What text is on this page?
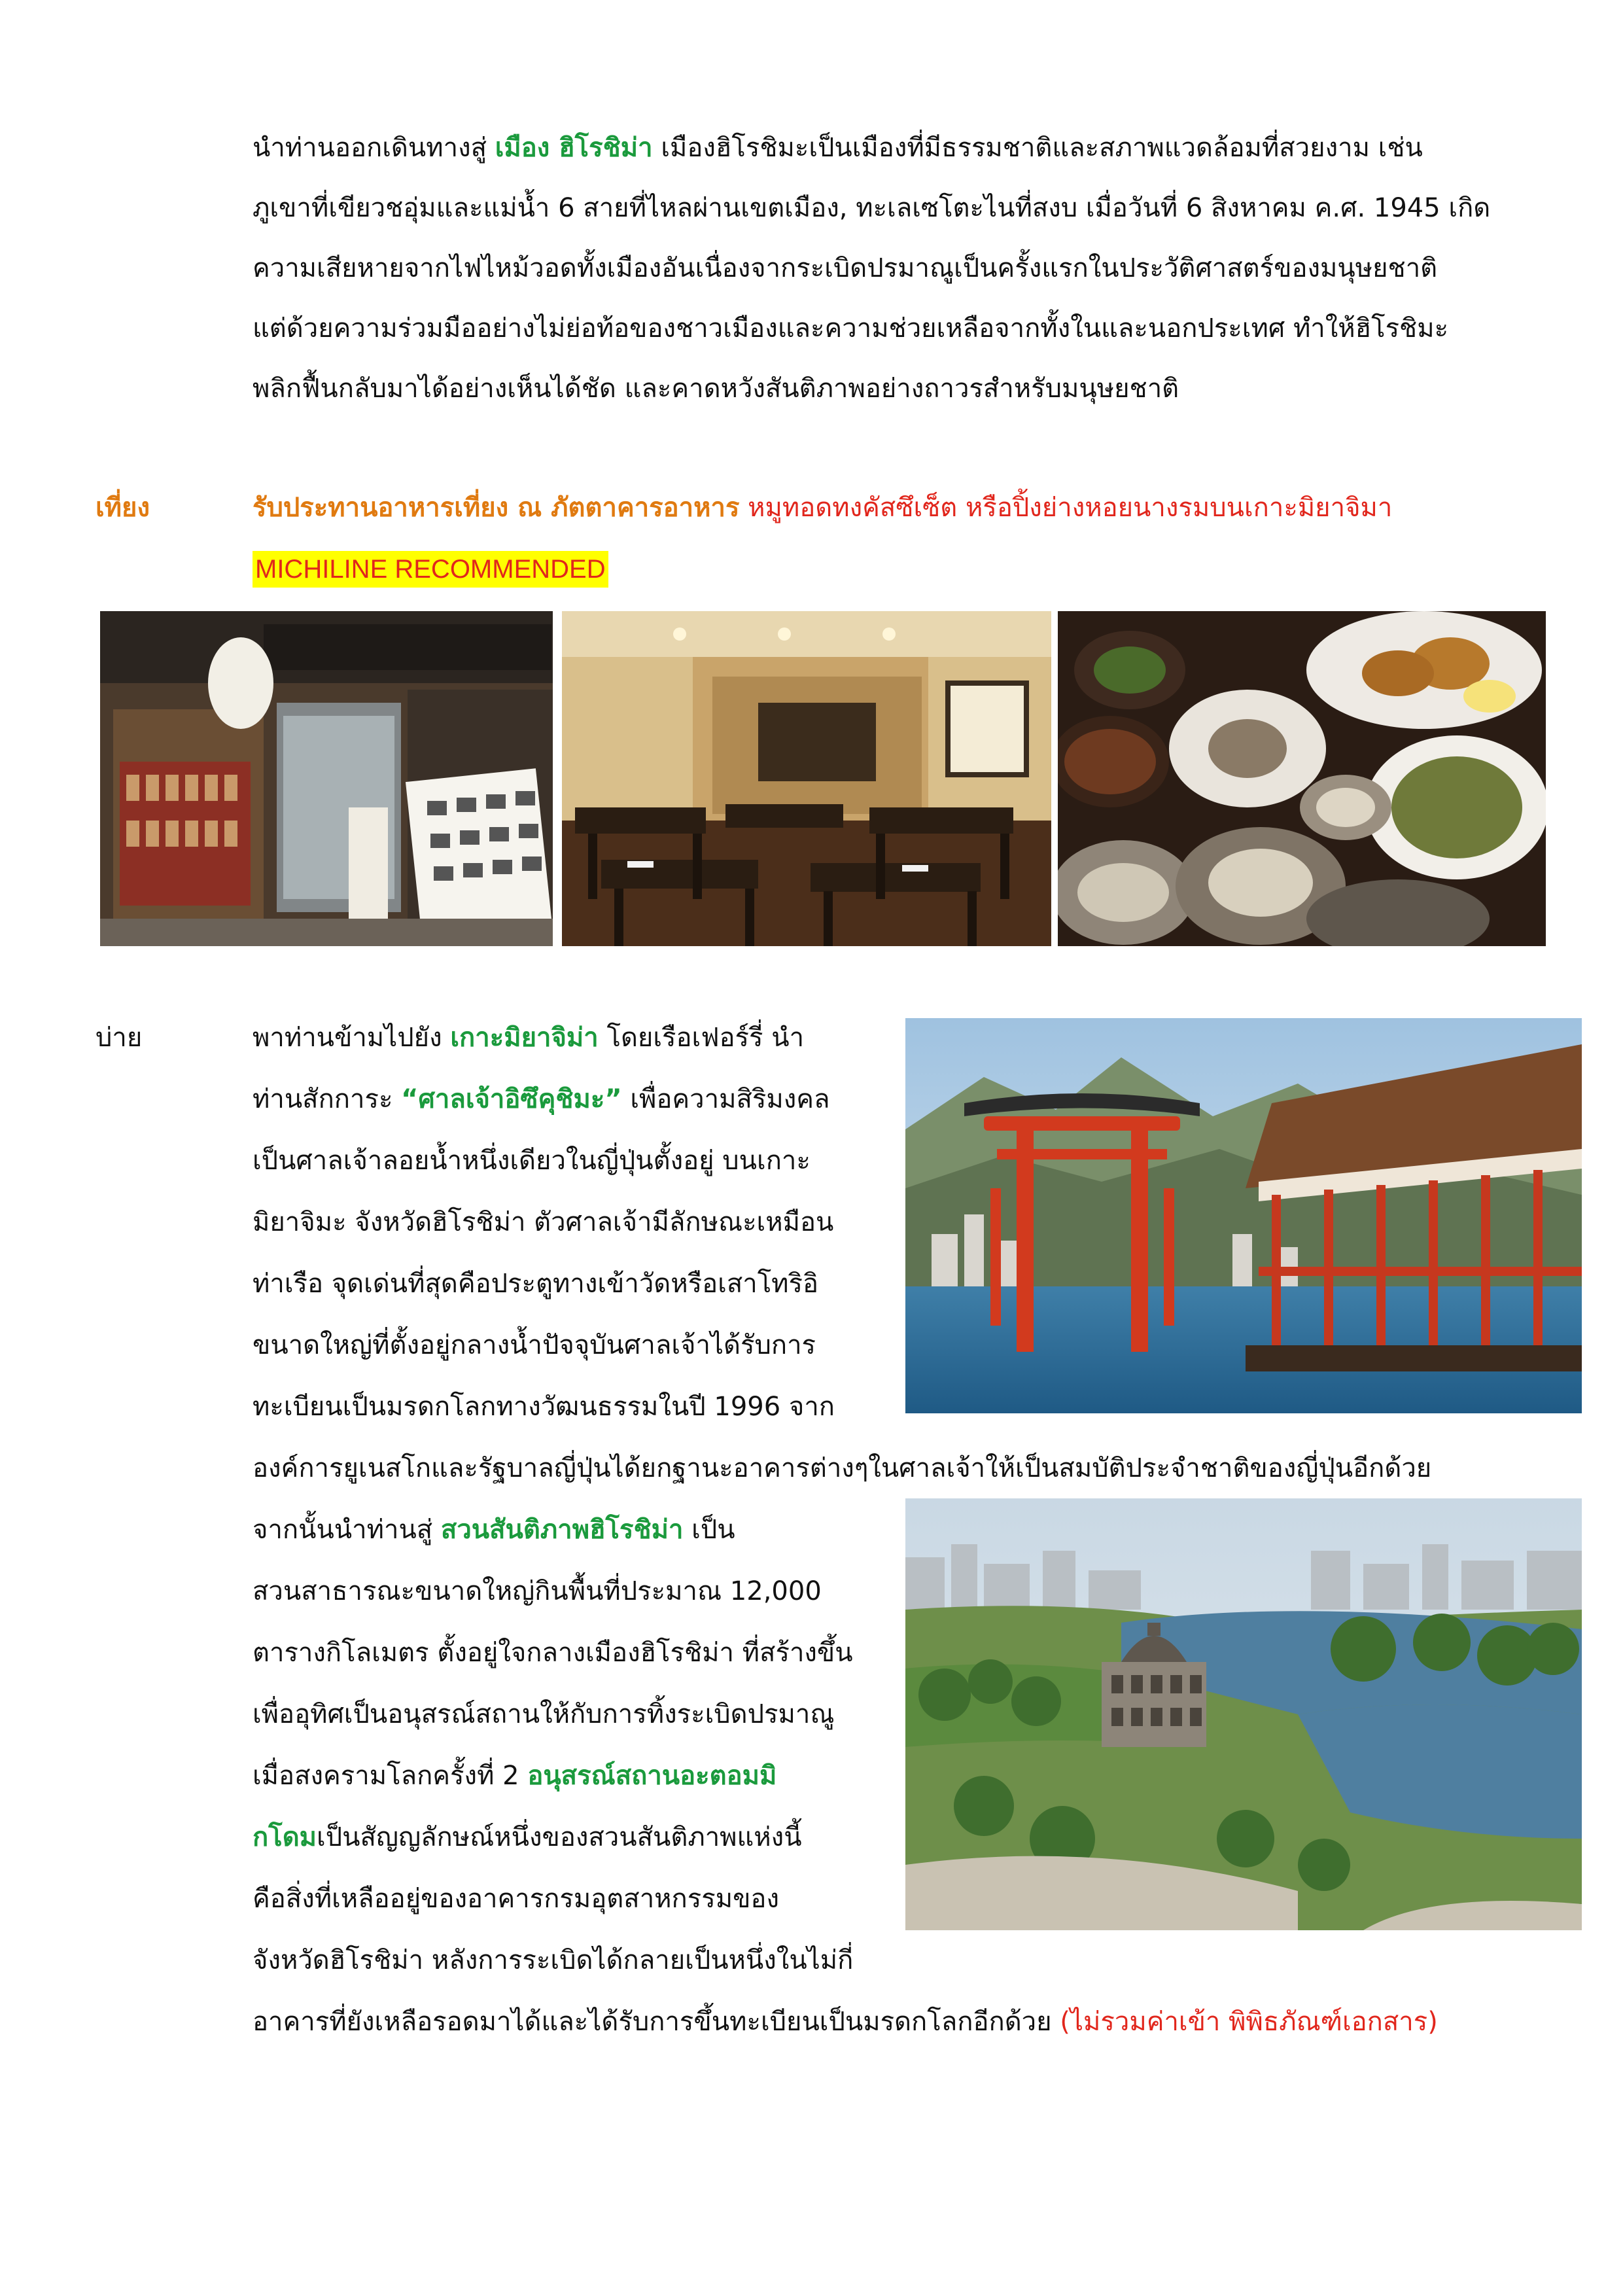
นำท่านออกเดินทางสู่ เมือง ฮิโรชิม่า เมืองฮิโรชิมะเป็นเมืองที่มีธรรมชาติและสภาพแวดล้อมที่สวยงาม เช่น
ภูเขาที่เขียวชอุ่มและแม่น้ำ 6 สายที่ไหลผ่านเขตเมือง, ทะเลเซโตะไนที่สงบ เมื่อวันที่ 6 สิงหาคม ค.ศ. 1945 เกิด
ความเสียหายจากไฟไหม้วอดทั้งเมืองอันเนื่องจากระเบิดปรมาณูเป็นครั้งแรกในประวัติศาสตร์ของมนุษยชาติ
แต่ด้วยความร่วมมืออย่างไม่ย่อท้อของชาวเมืองและความช่วยเหลือจากทั้งในและนอกประเทศ ทำให้ฮิโรชิมะ
พลิกฟื้นกลับมาได้อย่างเห็นได้ชัด และคาดหวังสันติภาพอย่างถาวรสำหรับมนุษยชาติ
เที่ยง	รับประทานอาหารเที่ยง ณ ภัตตาคารอาหาร หมูทอดทงคัสซึเซ็ต หรือปิ้งย่างหอยนางรมบนเกาะมิยาจิมา
MICHILINE RECOMMENDED
บ่าย	พาท่านข้ามไปยัง เกาะมิยาจิม่า โดยเรือเฟอร์รี่ นำ
ท่านสักการะ “ศาลเจ้าอิซึคุชิมะ” เพื่อความสิริมงคล
เป็นศาลเจ้าลอยน้ำหนึ่งเดียวในญี่ปุ่นตั้งอยู่ บนเกาะ
มิยาจิมะ จังหวัดฮิโรชิม่า ตัวศาลเจ้ามีลักษณะเหมือน
ท่าเรือ จุดเด่นที่สุดคือประตูทางเข้าวัดหรือเสาโทริอิ
ขนาดใหญ่ที่ตั้งอยู่กลางน้ำปัจจุบันศาลเจ้าได้รับการ
ทะเบียนเป็นมรดกโลกทางวัฒนธรรมในปี 1996 จาก
องค์การยูเนสโกและรัฐบาลญี่ปุ่นได้ยกฐานะอาคารต่างๆในศาลเจ้าให้เป็นสมบัติประจำชาติของญี่ปุ่นอีกด้วย
จากนั้นนำท่านสู่ สวนสันติภาพฮิโรชิม่า เป็น
สวนสาธารณะขนาดใหญ่กินพื้นที่ประมาณ 12,000
ตารางกิโลเมตร ตั้งอยู่ใจกลางเมืองฮิโรชิม่า ที่สร้างขึ้น
เพื่ออุทิศเป็นอนุสรณ์สถานให้กับการทิ้งระเบิดปรมาณู
เมื่อสงครามโลกครั้งที่ 2 อนุสรณ์สถานอะตอมมิ
กโดมเป็นสัญญลักษณ์หนึ่งของสวนสันติภาพแห่งนี้
คือสิ่งที่เหลืออยู่ของอาคารกรมอุตสาหกรรมของ
จังหวัดฮิโรชิม่า หลังการระเบิดได้กลายเป็นหนึ่งในไม่กี่
อาคารที่ยังเหลือรอดมาได้และได้รับการขึ้นทะเบียนเป็นมรดกโลกอีกด้วย (ไม่รวมค่าเข้า พิพิธภัณฑ์เอกสาร)
